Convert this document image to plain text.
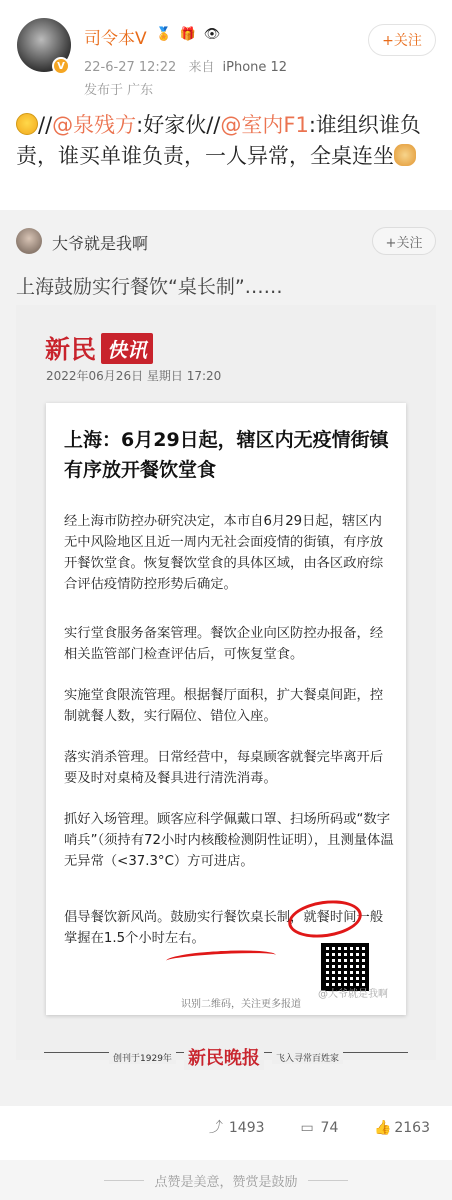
V
司令本V 🏅 🎁 👁
22-6-27 12:22 来自 iPhone 12
发布于 广东
+关注
//@泉残方:好家伙//@室内F1:谁组织谁负责，谁买单谁负责，一人异常，全桌连坐
大爷就是我啊	+关注
上海鼓励实行餐饮“桌长制”……
新民 快讯
2022年06月26日 星期日 17:20
上海：6月29日起，辖区内无疫情街镇有序放开餐饮堂食
经上海市防控办研究决定，本市自6月29日起，辖区内无中风险地区且近一周内无社会面疫情的街镇，有序放开餐饮堂食。恢复餐饮堂食的具体区域，由各区政府综合评估疫情防控形势后确定。
实行堂食服务备案管理。餐饮企业向区防控办报备，经相关监管部门检查评估后，可恢复堂食。
实施堂食限流管理。根据餐厅面积，扩大餐桌间距，控制就餐人数，实行隔位、错位入座。
落实消杀管理。日常经营中，每桌顾客就餐完毕离开后要及时对桌椅及餐具进行清洗消毒。
抓好入场管理。顾客应科学佩戴口罩、扫场所码或“数字哨兵”（须持有72小时内核酸检测阴性证明），且测量体温无异常（<37.3°C）方可进店。
倡导餐饮新风尚。鼓励实行餐饮桌长制，就餐时间一般掌握在1.5个小时左右。
识别二维码，关注更多报道
创刊于1929年 新民晚报	飞入寻常百姓家
@大爷就是我啊
⤴ 1493	▭ 74	👍 2163
点赞是美意，赞赏是鼓励
